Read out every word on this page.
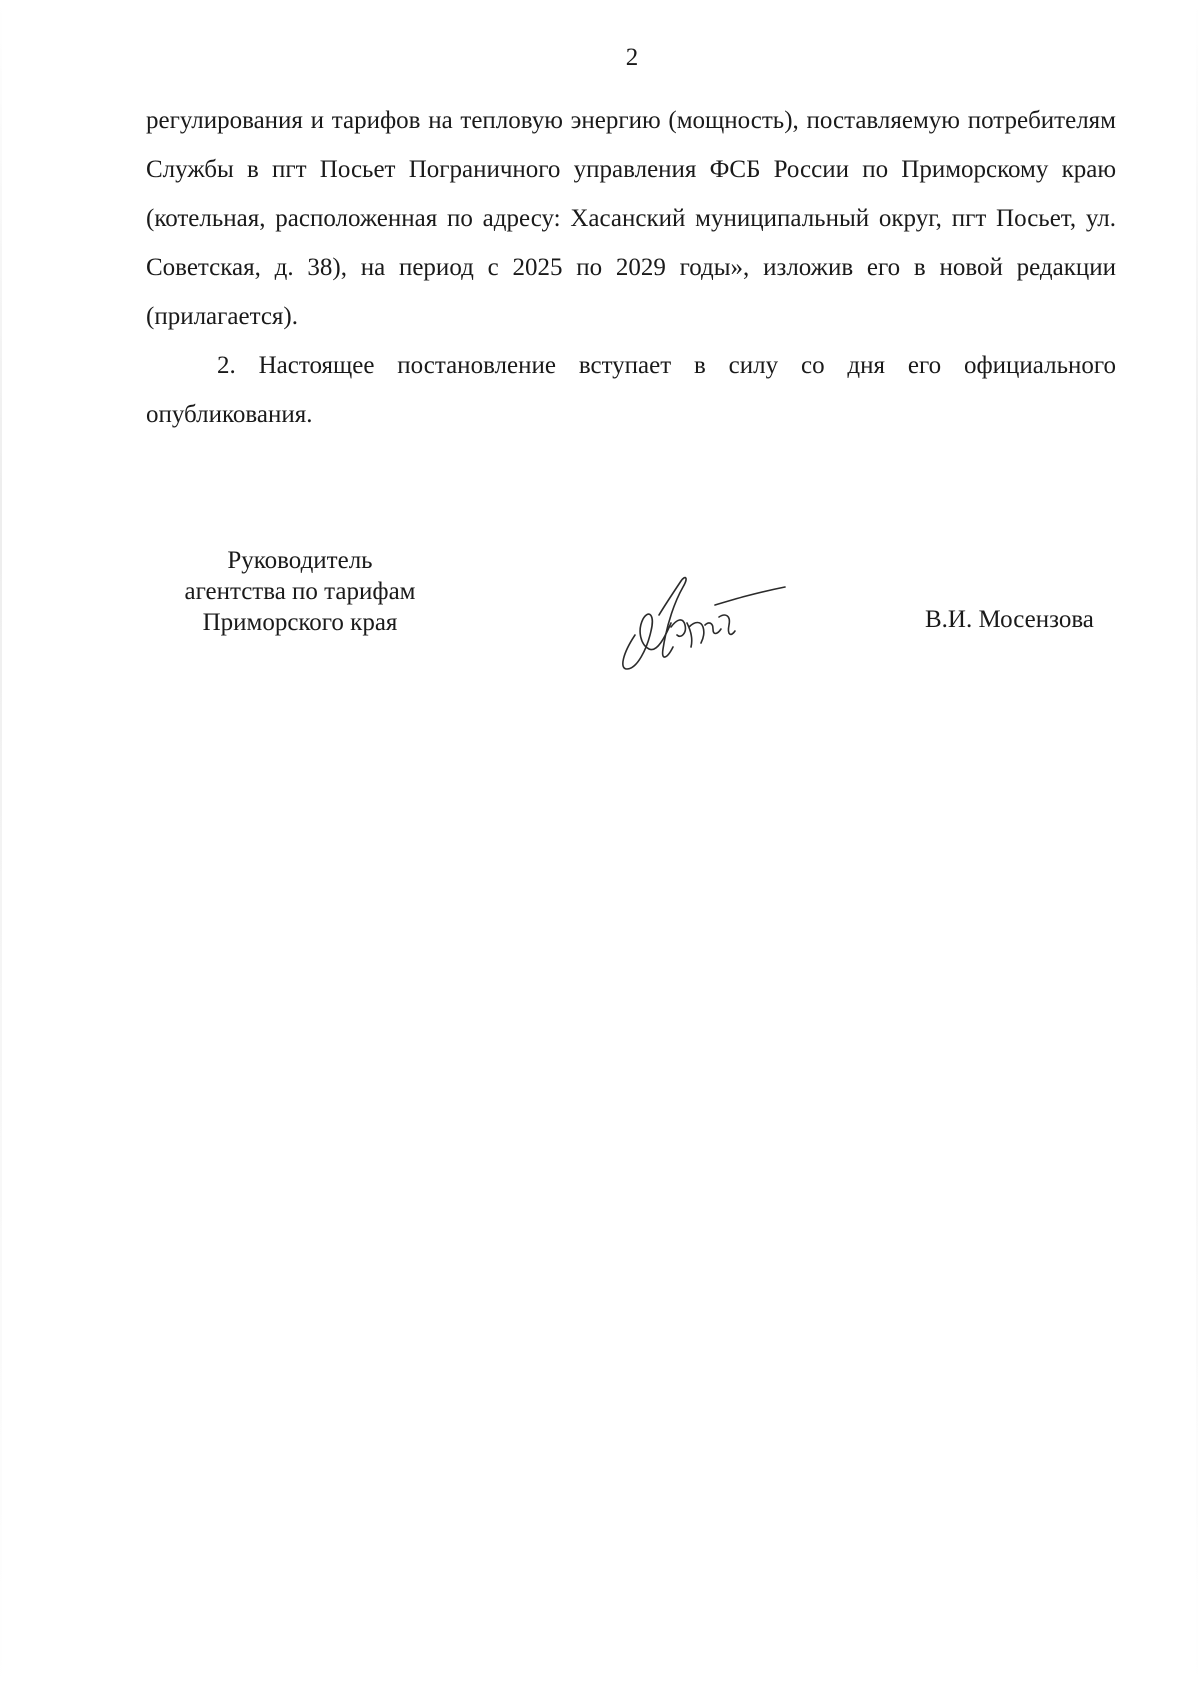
2

регулирования и тарифов на тепловую энергию (мощность), поставляемую потребителям Службы в пгт Посьет Пограничного управления ФСБ России по Приморскому краю (котельная, расположенная по адресу: Хасанский муниципальный округ, пгт Посьет, ул. Советская, д. 38), на период с 2025 по 2029 годы», изложив его в новой редакции (прилагается).

2. Настоящее постановление вступает в силу со дня его официального опубликования.

Руководитель
агентства по тарифам
Приморского края	В.И. Мосензова
